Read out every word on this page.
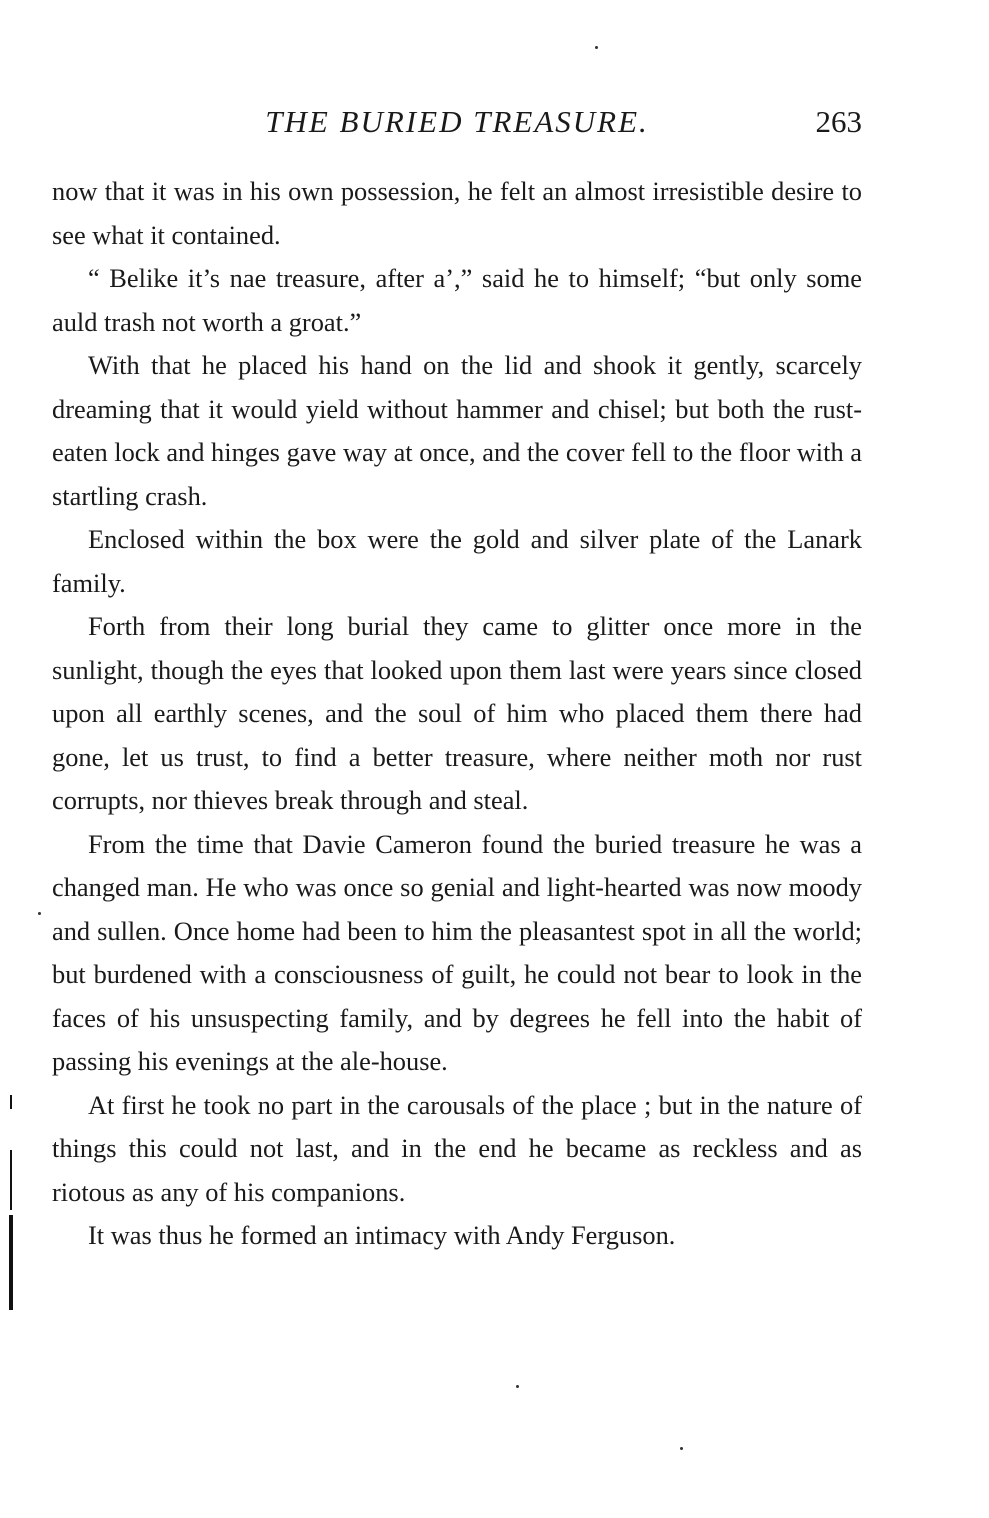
THE BURIED TREASURE.	263

now that it was in his own possession, he felt an almost irresistible desire to see what it contained.

“ Belike it’s nae treasure, after a’,” said he to himself; “but only some auld trash not worth a groat.”

With that he placed his hand on the lid and shook it gently, scarcely dreaming that it would yield without hammer and chisel; but both the rust-eaten lock and hinges gave way at once, and the cover fell to the floor with a startling crash.

Enclosed within the box were the gold and silver plate of the Lanark family.

Forth from their long burial they came to glitter once more in the sunlight, though the eyes that looked upon them last were years since closed upon all earthly scenes, and the soul of him who placed them there had gone, let us trust, to find a better treasure, where neither moth nor rust corrupts, nor thieves break through and steal.

From the time that Davie Cameron found the buried treasure he was a changed man. He who was once so genial and light-hearted was now moody and sullen. Once home had been to him the pleasantest spot in all the world; but burdened with a consciousness of guilt, he could not bear to look in the faces of his unsuspecting family, and by degrees he fell into the habit of passing his evenings at the ale-house.

At first he took no part in the carousals of the place ; but in the nature of things this could not last, and in the end he became as reckless and as riotous as any of his companions.

It was thus he formed an intimacy with Andy Ferguson.
